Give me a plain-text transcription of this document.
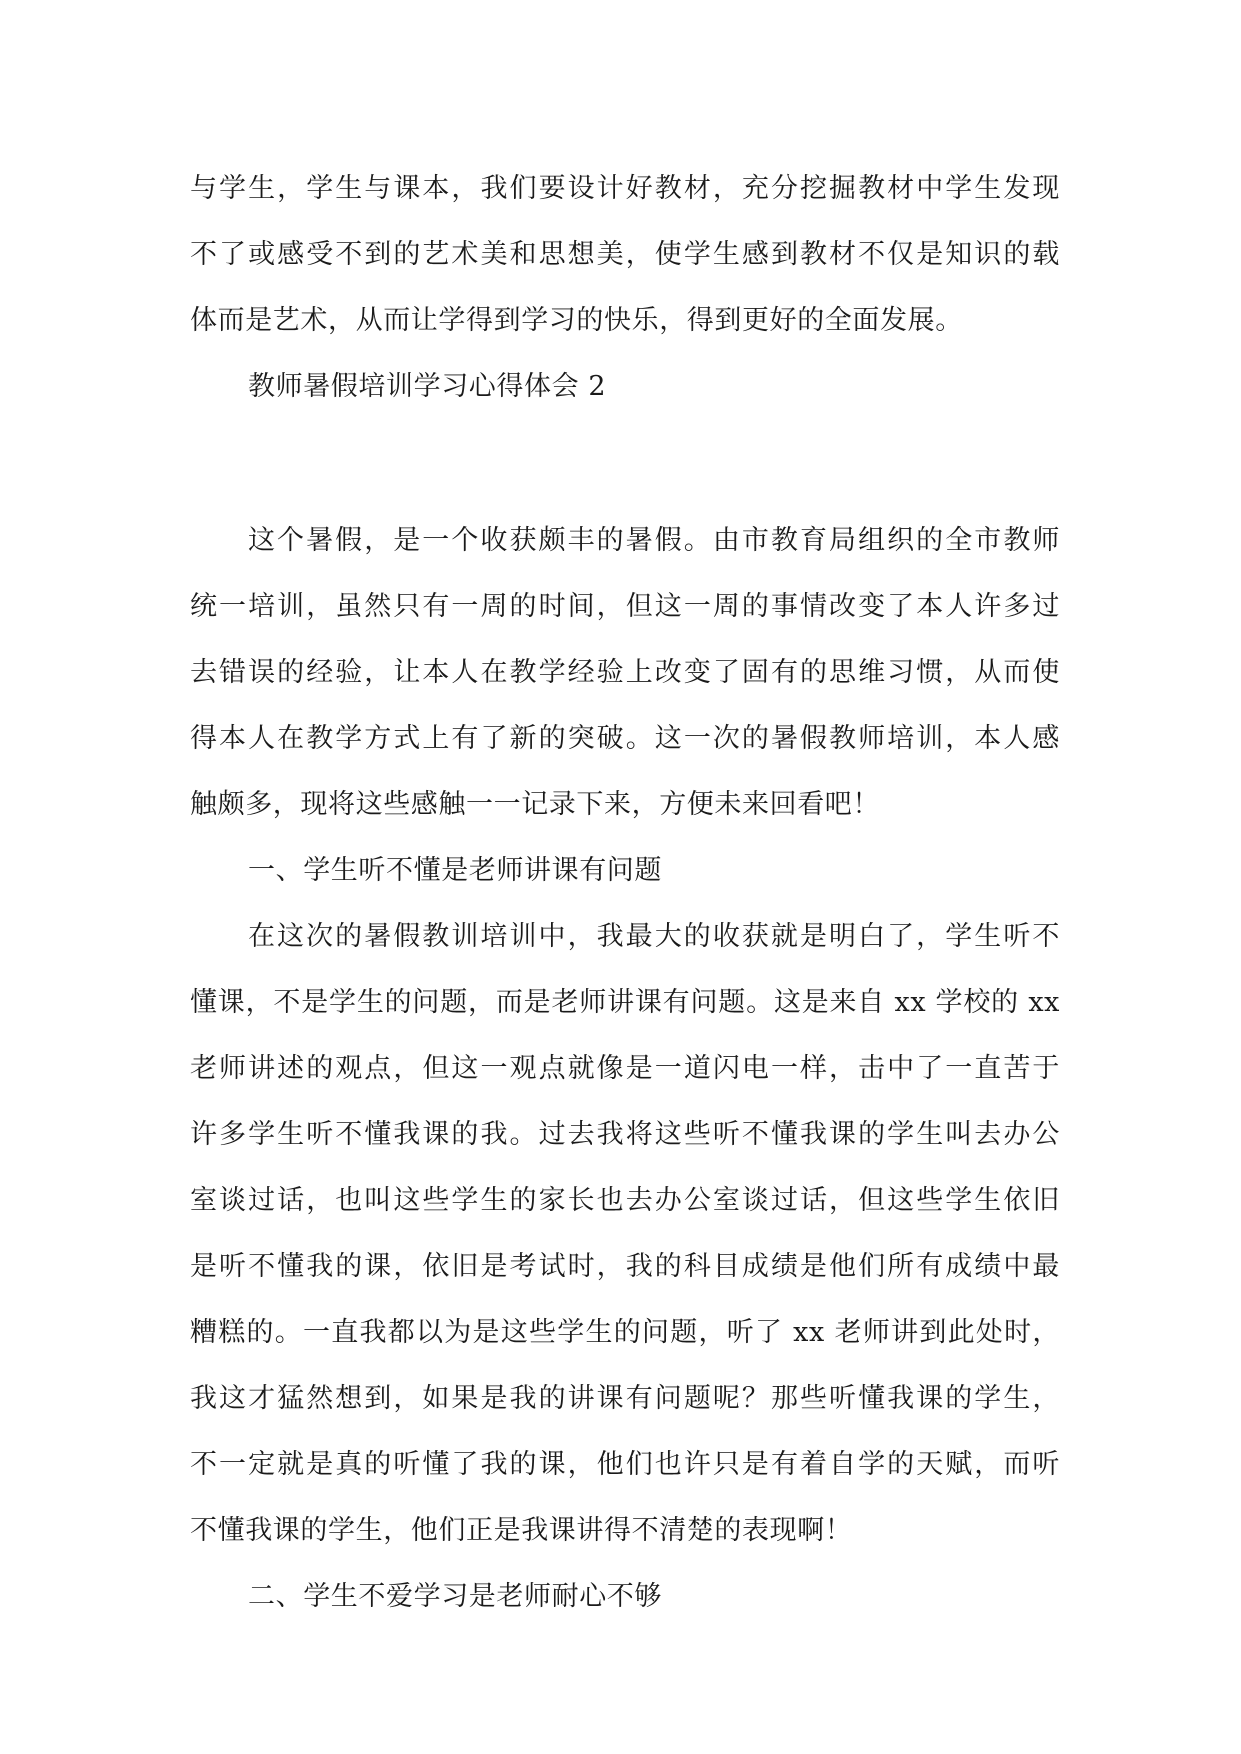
与学生，学生与课本，我们要设计好教材，充分挖掘教材中学生发现
不了或感受不到的艺术美和思想美，使学生感到教材不仅是知识的载
体而是艺术，从而让学得到学习的快乐，得到更好的全面发展。
教师暑假培训学习心得体会 2
这个暑假，是一个收获颇丰的暑假。由市教育局组织的全市教师
统一培训，虽然只有一周的时间，但这一周的事情改变了本人许多过
去错误的经验，让本人在教学经验上改变了固有的思维习惯，从而使
得本人在教学方式上有了新的突破。这一次的暑假教师培训，本人感
触颇多，现将这些感触一一记录下来，方便未来回看吧！
一、学生听不懂是老师讲课有问题
在这次的暑假教训培训中，我最大的收获就是明白了，学生听不
懂课，不是学生的问题，而是老师讲课有问题。这是来自 xx 学校的 xx
老师讲述的观点，但这一观点就像是一道闪电一样，击中了一直苦于
许多学生听不懂我课的我。过去我将这些听不懂我课的学生叫去办公
室谈过话，也叫这些学生的家长也去办公室谈过话，但这些学生依旧
是听不懂我的课，依旧是考试时，我的科目成绩是他们所有成绩中最
糟糕的。一直我都以为是这些学生的问题，听了 xx 老师讲到此处时，
我这才猛然想到，如果是我的讲课有问题呢？那些听懂我课的学生，
不一定就是真的听懂了我的课，他们也许只是有着自学的天赋，而听
不懂我课的学生，他们正是我课讲得不清楚的表现啊！
二、学生不爱学习是老师耐心不够
